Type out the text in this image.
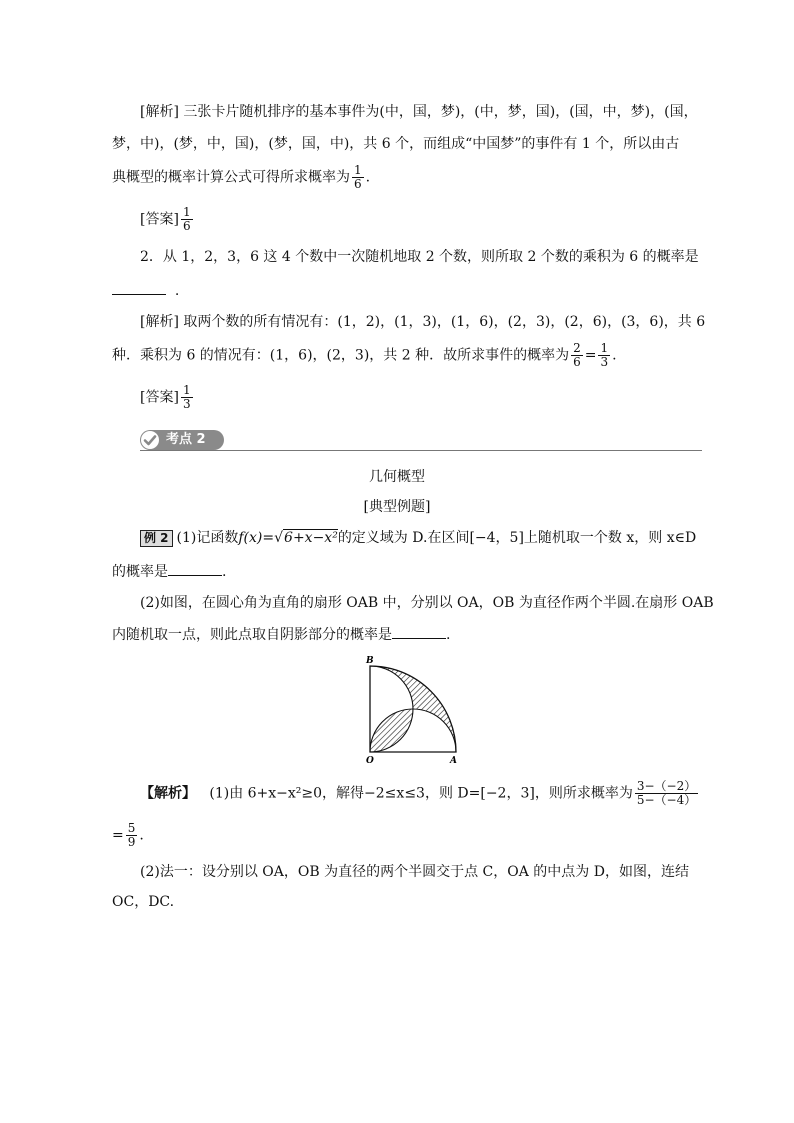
[解析] 三张卡片随机排序的基本事件为(中，国，梦)，(中，梦，国)，(国，中，梦)，(国，
梦，中)，(梦，中，国)，(梦，国，中)，共 6 个，而组成“中国梦”的事件有 1 个，所以由古
典概型的概率计算公式可得所求概率为 $\frac{1}{6}$ .
[答案] $\frac{1}{6}$
2．从 1，2，3，6 这 4 个数中一次随机地取 2 个数，则所取 2 个数的乘积为 6 的概率是
.
[解析] 取两个数的所有情况有：(1，2)，(1，3)，(1，6)，(2，3)，(2，6)，(3，6)，共 6
种．乘积为 6 的情况有：(1，6)，(2，3)，共 2 种．故所求事件的概率为 $\frac{2}{6} = \frac{1}{3}$ .
[答案] $\frac{1}{3}$
考点 2
几何概型
[典型例题]
例 2 (1)记函数f(x)=√6+x−x²的定义域为 D.在区间[−4，5]上随机取一个数 x，则 x∈D
的概率是	.
(2)如图，在圆心角为直角的扇形 OAB 中，分别以 OA，OB 为直径作两个半圆.在扇形 OAB
内随机取一点，则此点取自阴影部分的概率是	.
B
O	A
【解析】 (1)由 6+x−x²≥0，解得−2≤x≤3，则 D=[−2，3]，则所求概率为 $\frac{3-(-2)}{5-(-4)}$
= $\frac{5}{9}$ .
(2)法一：设分别以 OA，OB 为直径的两个半圆交于点 C，OA 的中点为 D，如图，连结
OC，DC.
